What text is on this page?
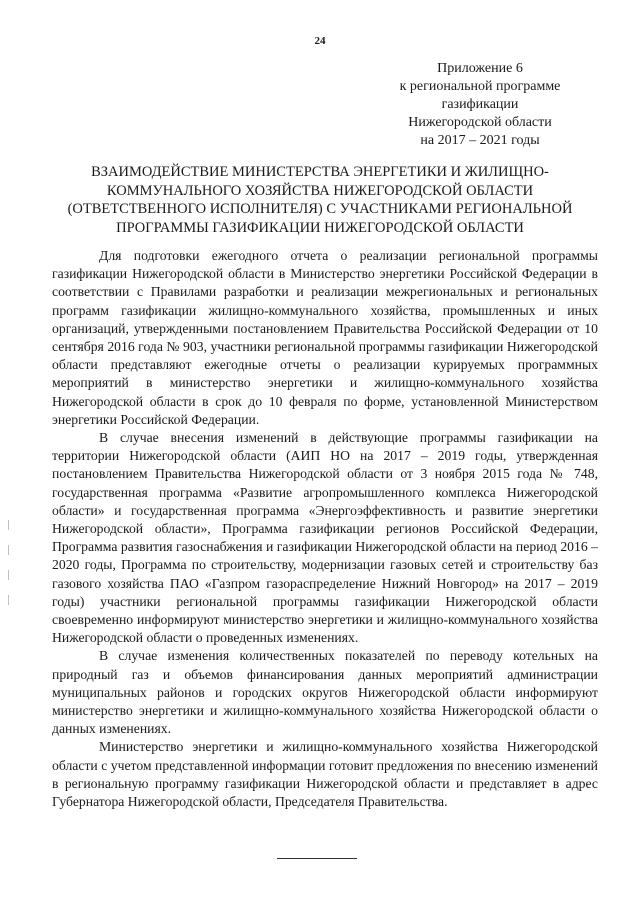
24
Приложение 6
к региональной программе
газификации
Нижегородской области
на 2017 – 2021 годы
ВЗАИМОДЕЙСТВИЕ МИНИСТЕРСТВА ЭНЕРГЕТИКИ И ЖИЛИЩНО-
КОММУНАЛЬНОГО ХОЗЯЙСТВА НИЖЕГОРОДСКОЙ ОБЛАСТИ
(ОТВЕТСТВЕННОГО ИСПОЛНИТЕЛЯ) С УЧАСТНИКАМИ РЕГИОНАЛЬНОЙ
ПРОГРАММЫ ГАЗИФИКАЦИИ НИЖЕГОРОДСКОЙ ОБЛАСТИ

Для подготовки ежегодного отчета о реализации региональной программы газификации Нижегородской области в Министерство энергетики Российской Федерации в соответствии с Правилами разработки и реализации межрегиональных и региональных программ газификации жилищно-коммунального хозяйства, промышленных и иных организаций, утвержденными постановлением Правительства Российской Федерации от 10 сентября 2016 года № 903, участники региональной программы газификации Нижегородской области представляют ежегодные отчеты о реализации курируемых программных мероприятий в министерство энергетики и жилищно-коммунального хозяйства Нижегородской области в срок до 10 февраля по форме, установленной Министерством энергетики Российской Федерации.

В случае внесения изменений в действующие программы газификации на территории Нижегородской области (АИП НО на 2017 – 2019 годы, утвержденная постановлением Правительства Нижегородской области от 3 ноября 2015 года № 748, государственная программа «Развитие агропромышленного комплекса Нижегородской области» и государственная программа «Энергоэффективность и развитие энергетики Нижегородской области», Программа газификации регионов Российской Федерации, Программа развития газоснабжения и газификации Нижегородской области на период 2016 – 2020 годы, Программа по строительству, модернизации газовых сетей и строительству баз газового хозяйства ПАО «Газпром газораспределение Нижний Новгород» на 2017 – 2019 годы) участники региональной программы газификации Нижегородской области своевременно информируют министерство энергетики и жилищно-коммунального хозяйства Нижегородской области о проведенных изменениях.

В случае изменения количественных показателей по переводу котельных на природный газ и объемов финансирования данных мероприятий администрации муниципальных районов и городских округов Нижегородской области информируют министерство энергетики и жилищно-коммунального хозяйства Нижегородской области о данных изменениях.

Министерство энергетики и жилищно-коммунального хозяйства Нижегородской области с учетом представленной информации готовит предложения по внесению изменений в региональную программу газификации Нижегородской области и представляет в адрес Губернатора Нижегородской области, Председателя Правительства.
